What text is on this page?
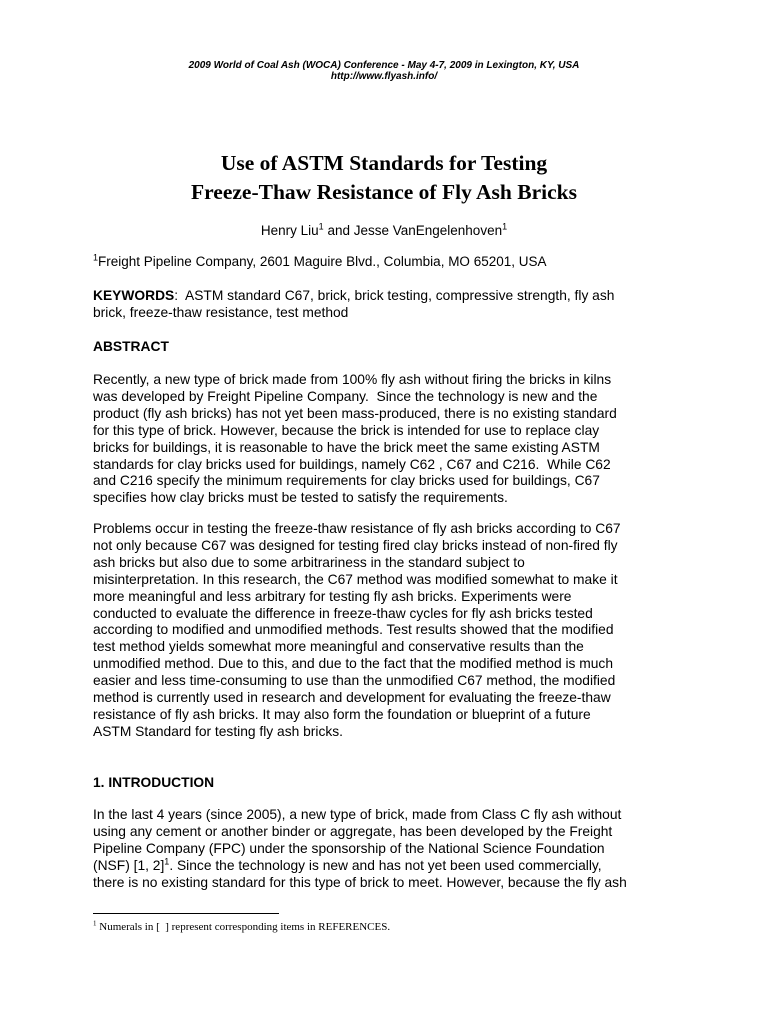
2009 World of Coal Ash (WOCA) Conference - May 4-7, 2009 in Lexington, KY, USA
http://www.flyash.info/
Use of ASTM Standards for Testing
Freeze-Thaw Resistance of Fly Ash Bricks
Henry Liu$^1$ and Jesse VanEngelenhoven$^1$
$^1$Freight Pipeline Company, 2601 Maguire Blvd., Columbia, MO 65201, USA
KEYWORDS:  ASTM standard C67, brick, brick testing, compressive strength, fly ash
brick, freeze-thaw resistance, test method
ABSTRACT
Recently, a new type of brick made from 100% fly ash without firing the bricks in kilns
was developed by Freight Pipeline Company.  Since the technology is new and the
product (fly ash bricks) has not yet been mass-produced, there is no existing standard
for this type of brick. However, because the brick is intended for use to replace clay
bricks for buildings, it is reasonable to have the brick meet the same existing ASTM
standards for clay bricks used for buildings, namely C62 , C67 and C216.  While C62
and C216 specify the minimum requirements for clay bricks used for buildings, C67
specifies how clay bricks must be tested to satisfy the requirements.
Problems occur in testing the freeze-thaw resistance of fly ash bricks according to C67
not only because C67 was designed for testing fired clay bricks instead of non-fired fly
ash bricks but also due to some arbitrariness in the standard subject to
misinterpretation. In this research, the C67 method was modified somewhat to make it
more meaningful and less arbitrary for testing fly ash bricks. Experiments were
conducted to evaluate the difference in freeze-thaw cycles for fly ash bricks tested
according to modified and unmodified methods. Test results showed that the modified
test method yields somewhat more meaningful and conservative results than the
unmodified method. Due to this, and due to the fact that the modified method is much
easier and less time-consuming to use than the unmodified C67 method, the modified
method is currently used in research and development for evaluating the freeze-thaw
resistance of fly ash bricks. It may also form the foundation or blueprint of a future
ASTM Standard for testing fly ash bricks.
1. INTRODUCTION
In the last 4 years (since 2005), a new type of brick, made from Class C fly ash without
using any cement or another binder or aggregate, has been developed by the Freight
Pipeline Company (FPC) under the sponsorship of the National Science Foundation
(NSF) [1, 2]$^1$. Since the technology is new and has not yet been used commercially,
there is no existing standard for this type of brick to meet. However, because the fly ash
$^1$ Numerals in [  ] represent corresponding items in REFERENCES.
